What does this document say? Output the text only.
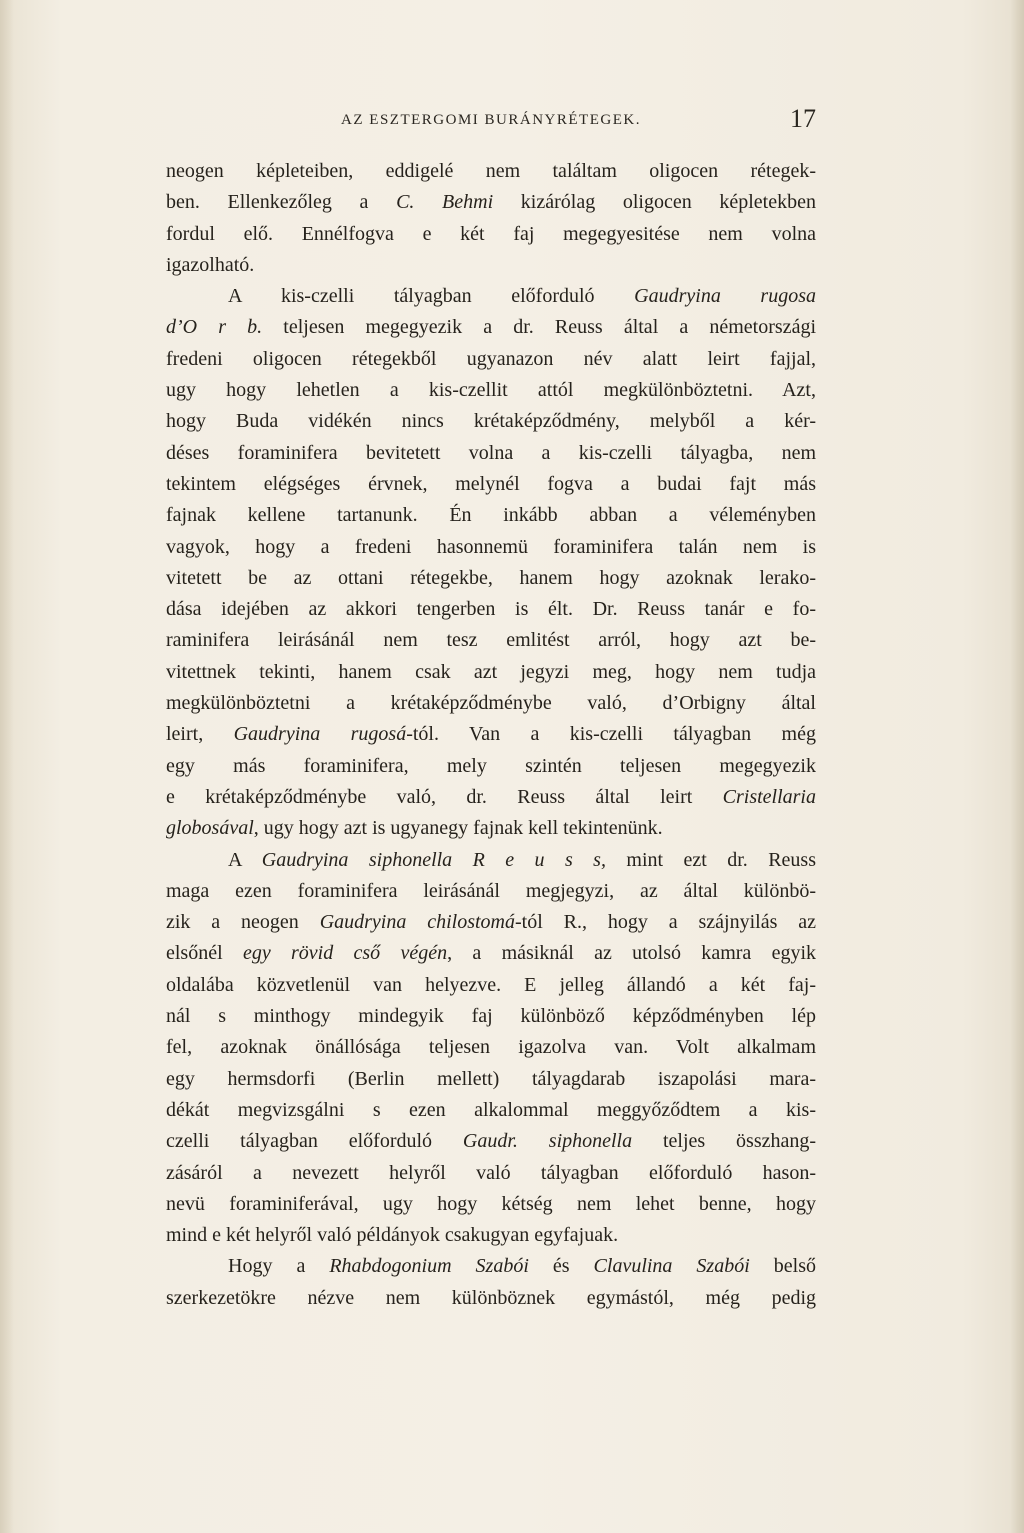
AZ ESZTERGOMI BURÁNYRÉTEGEK.	17
neogen képleteiben, eddigelé nem találtam oligocen rétegek-
ben. Ellenkezőleg a C. Behmi kizárólag oligocen képletekben
fordul elő. Ennélfogva e két faj megegyesitése nem volna
igazolható.
A kis-czelli tályagban előforduló Gaudryina rugosa
d’O r b. teljesen megegyezik a dr. Reuss által a németországi
fredeni oligocen rétegekből ugyanazon név alatt leirt fajjal,
ugy hogy lehetlen a kis-czellit attól megkülönböztetni. Azt,
hogy Buda vidékén nincs krétaképződmény, melyből a kér-
déses foraminifera bevitetett volna a kis-czelli tályagba, nem
tekintem elégséges érvnek, melynél fogva a budai fajt más
fajnak kellene tartanunk. Én inkább abban a véleményben
vagyok, hogy a fredeni hasonnemü foraminifera talán nem is
vitetett be az ottani rétegekbe, hanem hogy azoknak lerako-
dása idejében az akkori tengerben is élt. Dr. Reuss tanár e fo-
raminifera leirásánál nem tesz emlitést arról, hogy azt be-
vitettnek tekinti, hanem csak azt jegyzi meg, hogy nem tudja
megkülönböztetni a krétaképződménybe való, d’Orbigny által
leirt, Gaudryina rugosá-tól. Van a kis-czelli tályagban még
egy más foraminifera, mely szintén teljesen megegyezik
e krétaképződménybe való, dr. Reuss által leirt Cristellaria
globosával, ugy hogy azt is ugyanegy fajnak kell tekintenünk.
A Gaudryina siphonella R e u s s, mint ezt dr. Reuss
maga ezen foraminifera leirásánál megjegyzi, az által különbö-
zik a neogen Gaudryina chilostomá-tól R., hogy a szájnyilás az
elsőnél egy rövid cső végén, a másiknál az utolsó kamra egyik
oldalába közvetlenül van helyezve. E jelleg állandó a két faj-
nál s minthogy mindegyik faj különböző képződményben lép
fel, azoknak önállósága teljesen igazolva van. Volt alkalmam
egy hermsdorfi (Berlin mellett) tályagdarab iszapolási mara-
dékát megvizsgálni s ezen alkalommal meggyőződtem a kis-
czelli tályagban előforduló Gaudr. siphonella teljes összhang-
zásáról a nevezett helyről való tályagban előforduló hason-
nevü foraminiferával, ugy hogy kétség nem lehet benne, hogy
mind e két helyről való példányok csakugyan egyfajuak.
Hogy a Rhabdogonium Szabói és Clavulina Szabói belső
szerkezetökre nézve nem különböznek egymástól, még pedig
